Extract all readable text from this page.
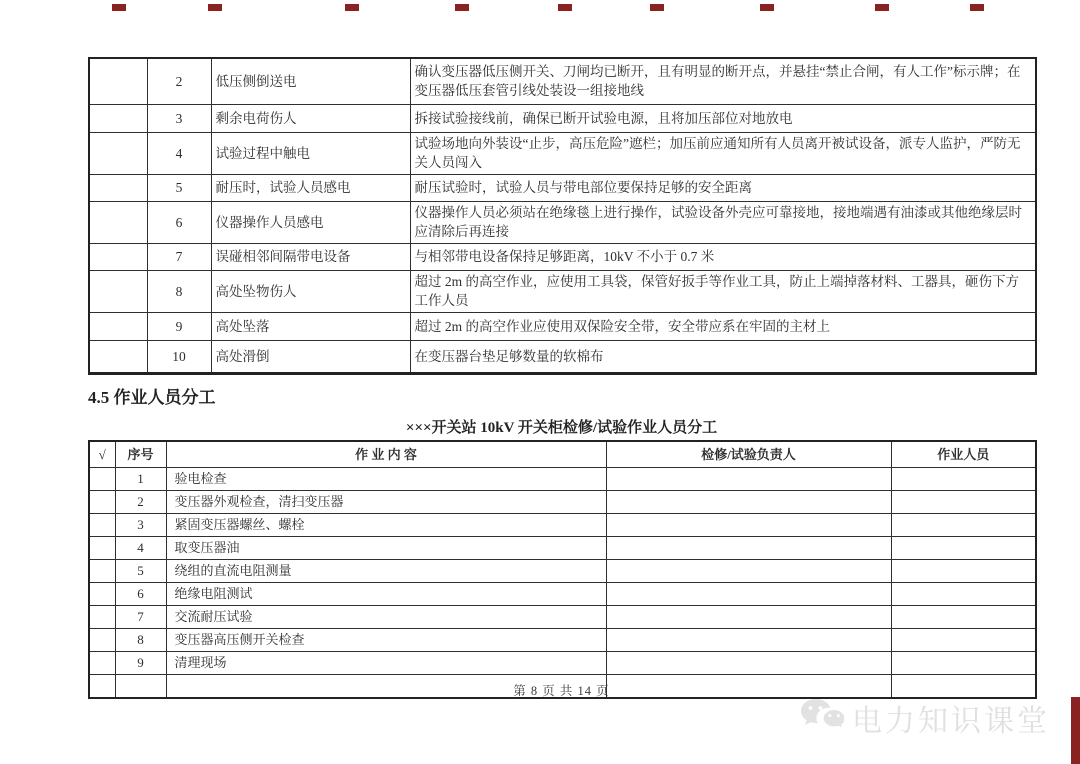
	2	低压侧倒送电	确认变压器低压侧开关、刀闸均已断开，且有明显的断开点，并悬挂“禁止合闸，有人工作”标示牌；在变压器低压套管引线处装设一组接地线
	3	剩余电荷伤人	拆接试验接线前，确保已断开试验电源，且将加压部位对地放电
	4	试验过程中触电	试验场地向外装设“止步，高压危险”遮栏；加压前应通知所有人员离开被试设备，派专人监护，严防无关人员闯入
	5	耐压时，试验人员感电	耐压试验时，试验人员与带电部位要保持足够的安全距离
	6	仪器操作人员感电	仪器操作人员必须站在绝缘毯上进行操作，试验设备外壳应可靠接地，接地端遇有油漆或其他绝缘层时应清除后再连接
	7	误碰相邻间隔带电设备	与相邻带电设备保持足够距离，10kV 不小于 0.7 米
	8	高处坠物伤人	超过 2m 的高空作业，应使用工具袋，保管好扳手等作业工具，防止上端掉落材料、工器具，砸伤下方工作人员
	9	高处坠落	超过 2m 的高空作业应使用双保险安全带，安全带应系在牢固的主材上
	10	高处滑倒	在变压器台垫足够数量的软棉布
4.5 作业人员分工
×××开关站 10kV 开关柜检修/试验作业人员分工
√	序号	作 业 内 容	检修/试验负责人	作业人员
	1	验电检查		
	2	变压器外观检查，清扫变压器		
	3	紧固变压器螺丝、螺栓		
	4	取变压器油		
	5	绕组的直流电阻测量		
	6	绝缘电阻测试		
	7	交流耐压试验		
	8	变压器高压侧开关检查		
	9	清理现场		

第 8 页 共 14 页
电力知识课堂
